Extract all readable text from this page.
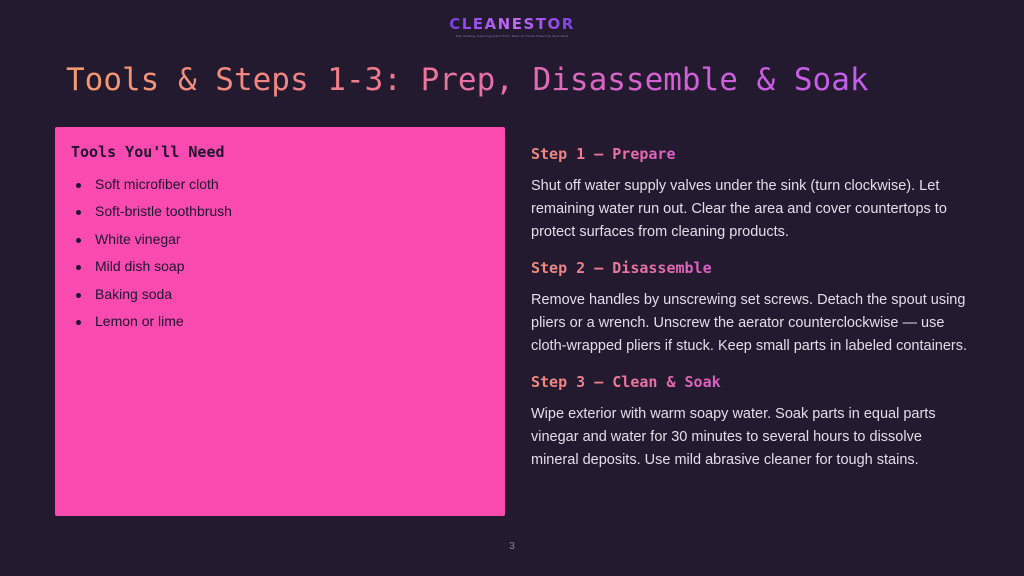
CLEANESTOR
The leading cleaning brand from Next to Home Cleaning Specialist
Tools & Steps 1-3: Prep, Disassemble & Soak
Tools You'll Need
Soft microfiber cloth
Soft-bristle toothbrush
White vinegar
Mild dish soap
Baking soda
Lemon or lime
Step 1 — Prepare

Shut off water supply valves under the sink (turn clockwise). Let remaining water run out. Clear the area and cover countertops to protect surfaces from cleaning products.

Step 2 — Disassemble

Remove handles by unscrewing set screws. Detach the spout using pliers or a wrench. Unscrew the aerator counterclockwise — use cloth-wrapped pliers if stuck. Keep small parts in labeled containers.

Step 3 — Clean & Soak

Wipe exterior with warm soapy water. Soak parts in equal parts vinegar and water for 30 minutes to several hours to dissolve mineral deposits. Use mild abrasive cleaner for tough stains.

3
